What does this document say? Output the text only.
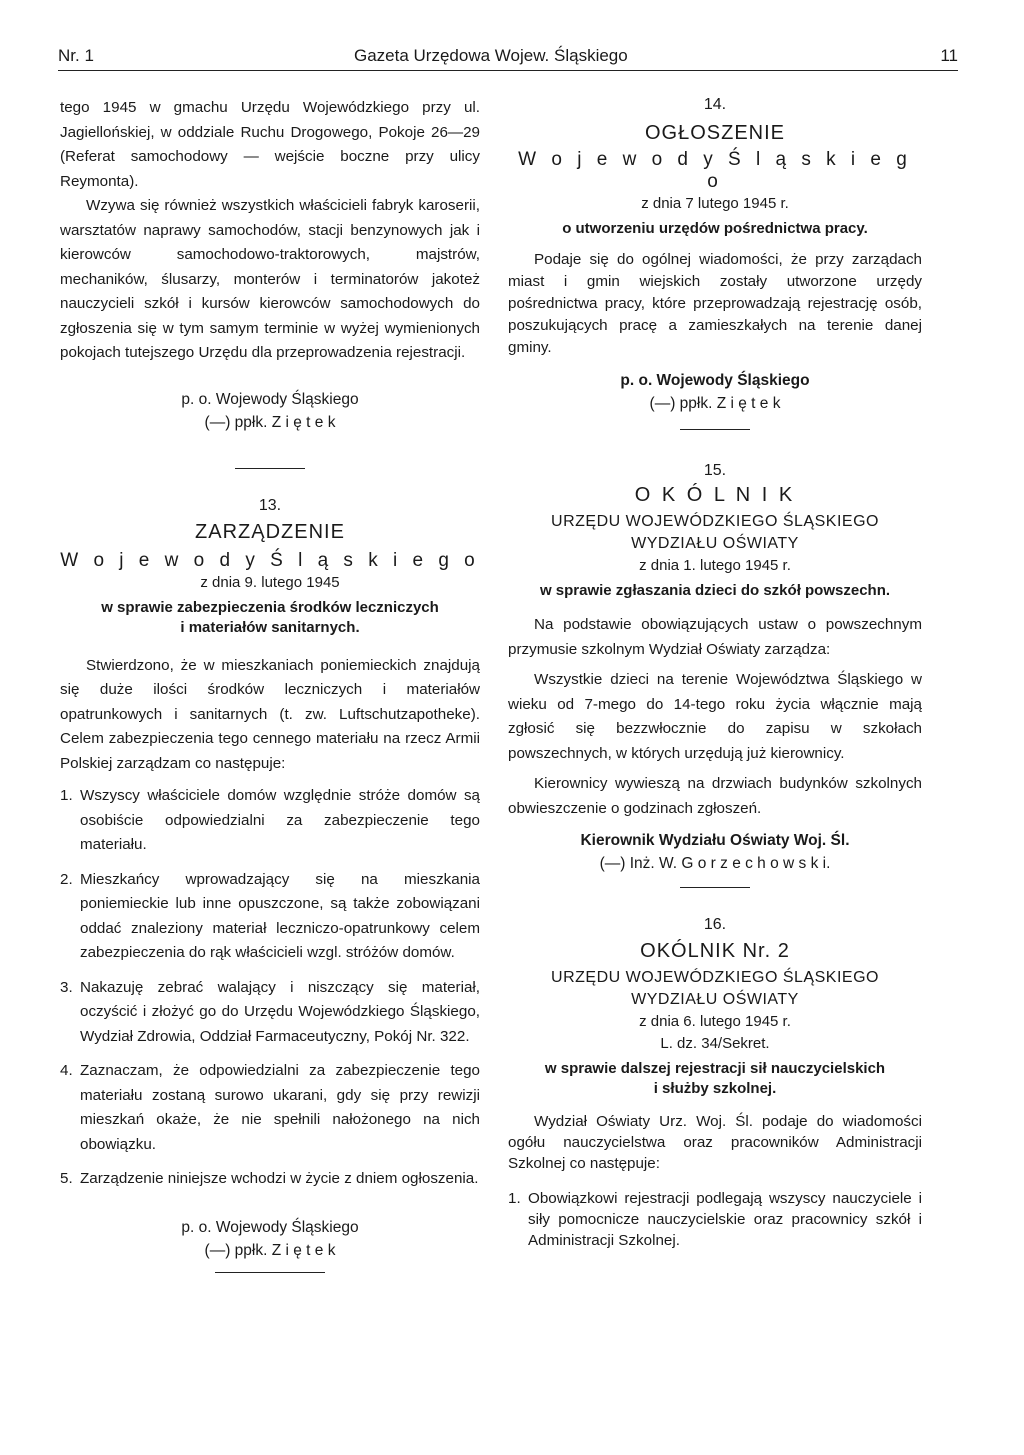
Nr. 1	Gazeta Urzędowa Wojew. Śląskiego	11

tego 1945 w gmachu Urzędu Wojewódzkiego przy ul. Jagiellońskiej, w oddziale Ruchu Drogowego, Pokoje 26—29 (Referat samochodowy — wejście boczne przy ulicy Reymonta).

Wzywa się również wszystkich właścicieli fabryk karoserii, warsztatów naprawy samochodów, stacji benzynowych jak i kierowców samochodowo-traktorowych, majstrów, mechaników, ślusarzy, monterów i terminatorów jakoteż nauczycieli szkół i kursów kierowców samochodowych do zgłoszenia się w tym samym terminie w wyżej wymienionych pokojach tutejszego Urzędu dla przeprowadzenia rejestracji.

p. o. Wojewody Śląskiego

(—) ppłk. Z i ę t e k

13.

ZARZĄDZENIE

W o j e w o d y Ś l ą s k i e g o

z dnia 9. lutego 1945

w sprawie zabezpieczenia środków leczniczych

i materiałów sanitarnych.

Stwierdzono, że w mieszkaniach poniemieckich znajdują się duże ilości środków leczniczych i materiałów opatrunkowych i sanitarnych (t. zw. Luftschutzapotheke). Celem zabezpieczenia tego cennego materiału na rzecz Armii Polskiej zarządzam co następuje:

1. Wszyscy właściciele domów względnie stróże domów są osobiście odpowiedzialni za zabezpieczenie tego materiału.
2. Mieszkańcy wprowadzający się na mieszkania poniemieckie lub inne opuszczone, są także zobowiązani oddać znaleziony materiał leczniczo-opatrunkowy celem zabezpieczenia do rąk właścicieli wzgl. stróżów domów.
3. Nakazuję zebrać walający i niszczący się materiał, oczyścić i złożyć go do Urzędu Wojewódzkiego Śląskiego, Wydział Zdrowia, Oddział Farmaceutyczny, Pokój Nr. 322.
4. Zaznaczam, że odpowiedzialni za zabezpieczenie tego materiału zostaną surowo ukarani, gdy się przy rewizji mieszkań okaże, że nie spełnili nałożonego na nich obowiązku.
5. Zarządzenie niniejsze wchodzi w życie z dniem ogłoszenia.

p. o. Wojewody Śląskiego

(—) ppłk. Z i ę t e k

14.

OGŁOSZENIE

W o j e w o d y Ś l ą s k i e g o

z dnia 7 lutego 1945 r.

o utworzeniu urzędów pośrednictwa pracy.

Podaje się do ogólnej wiadomości, że przy zarządach miast i gmin wiejskich zostały utworzone urzędy pośrednictwa pracy, które przeprowadzają rejestrację osób, poszukujących pracę a zamieszkałych na terenie danej gminy.

p. o. Wojewody Śląskiego

(—) ppłk. Z i ę t e k

15.

O K Ó L N I K

URZĘDU WOJEWÓDZKIEGO ŚLĄSKIEGO

WYDZIAŁU OŚWIATY

z dnia 1. lutego 1945 r.

w sprawie zgłaszania dzieci do szkół powszechn.

Na podstawie obowiązujących ustaw o powszechnym przymusie szkolnym Wydział Oświaty zarządza:

Wszystkie dzieci na terenie Województwa Śląskiego w wieku od 7-mego do 14-tego roku życia włącznie mają zgłosić się bezzwłocznie do zapisu w szkołach powszechnych, w których urzędują już kierownicy.

Kierownicy wywieszą na drzwiach budynków szkolnych obwieszczenie o godzinach zgłoszeń.

Kierownik Wydziału Oświaty Woj. Śl.

(—) Inż. W. G o r z e c h o w s k i.

16.

OKÓLNIK Nr. 2

URZĘDU WOJEWÓDZKIEGO ŚLĄSKIEGO

WYDZIAŁU OŚWIATY

z dnia 6. lutego 1945 r.

L. dz. 34/Sekret.

w sprawie dalszej rejestracji sił nauczycielskich

i służby szkolnej.

Wydział Oświaty Urz. Woj. Śl. podaje do wiadomości ogółu nauczycielstwa oraz pracowników Administracji Szkolnej co następuje:

1. Obowiązkowi rejestracji podlegają wszyscy nauczyciele i siły pomocnicze nauczycielskie oraz pracownicy szkół i Administracji Szkolnej.
